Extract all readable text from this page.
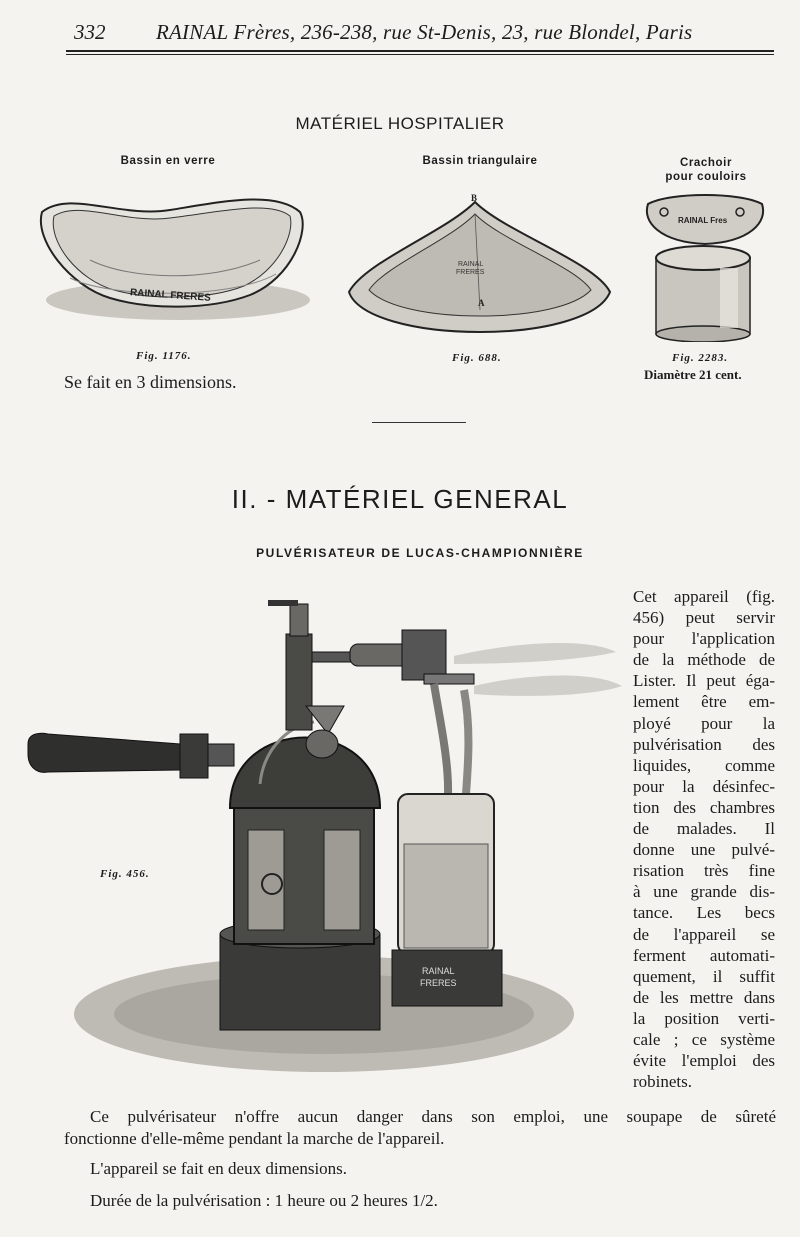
332 RAINAL Frères, 236-238, rue St-Denis, 23, rue Blondel, Paris
MATÉRIEL HOSPITALIER
Bassin en verre	Bassin triangulaire	Crachoir
pour couloirs
RAINAL FRERES
B
A
RAINAL
FRERES
RAINAL Fres
Fig. 1176.	Fig. 688.	Fig. 2283.
Se fait en 3 dimensions.	Diamètre 21 cent.
II. - MATÉRIEL GENERAL
PULVÉRISATEUR DE LUCAS-CHAMPIONNIÈRE
RAINAL
FRERES
Fig. 456.
Cet appareil (fig.
456) peut servir
pour l'application
de la méthode de
Lister. Il peut éga-
lement être em-
ployé pour la
pulvérisation des
liquides, comme
pour la désinfec-
tion des chambres
de malades. Il
donne une pulvé-
risation très fine
à une grande dis-
tance. Les becs
de l'appareil se
ferment automati-
quement, il suffit
de les mettre dans
la position verti-
cale ; ce système
évite l'emploi des
robinets.
Ce pulvérisateur n'offre aucun danger dans son emploi, une soupape de sûreté
fonctionne d'elle-même pendant la marche de l'appareil.
L'appareil se fait en deux dimensions.
Durée de la pulvérisation : 1 heure ou 2 heures 1/2.
